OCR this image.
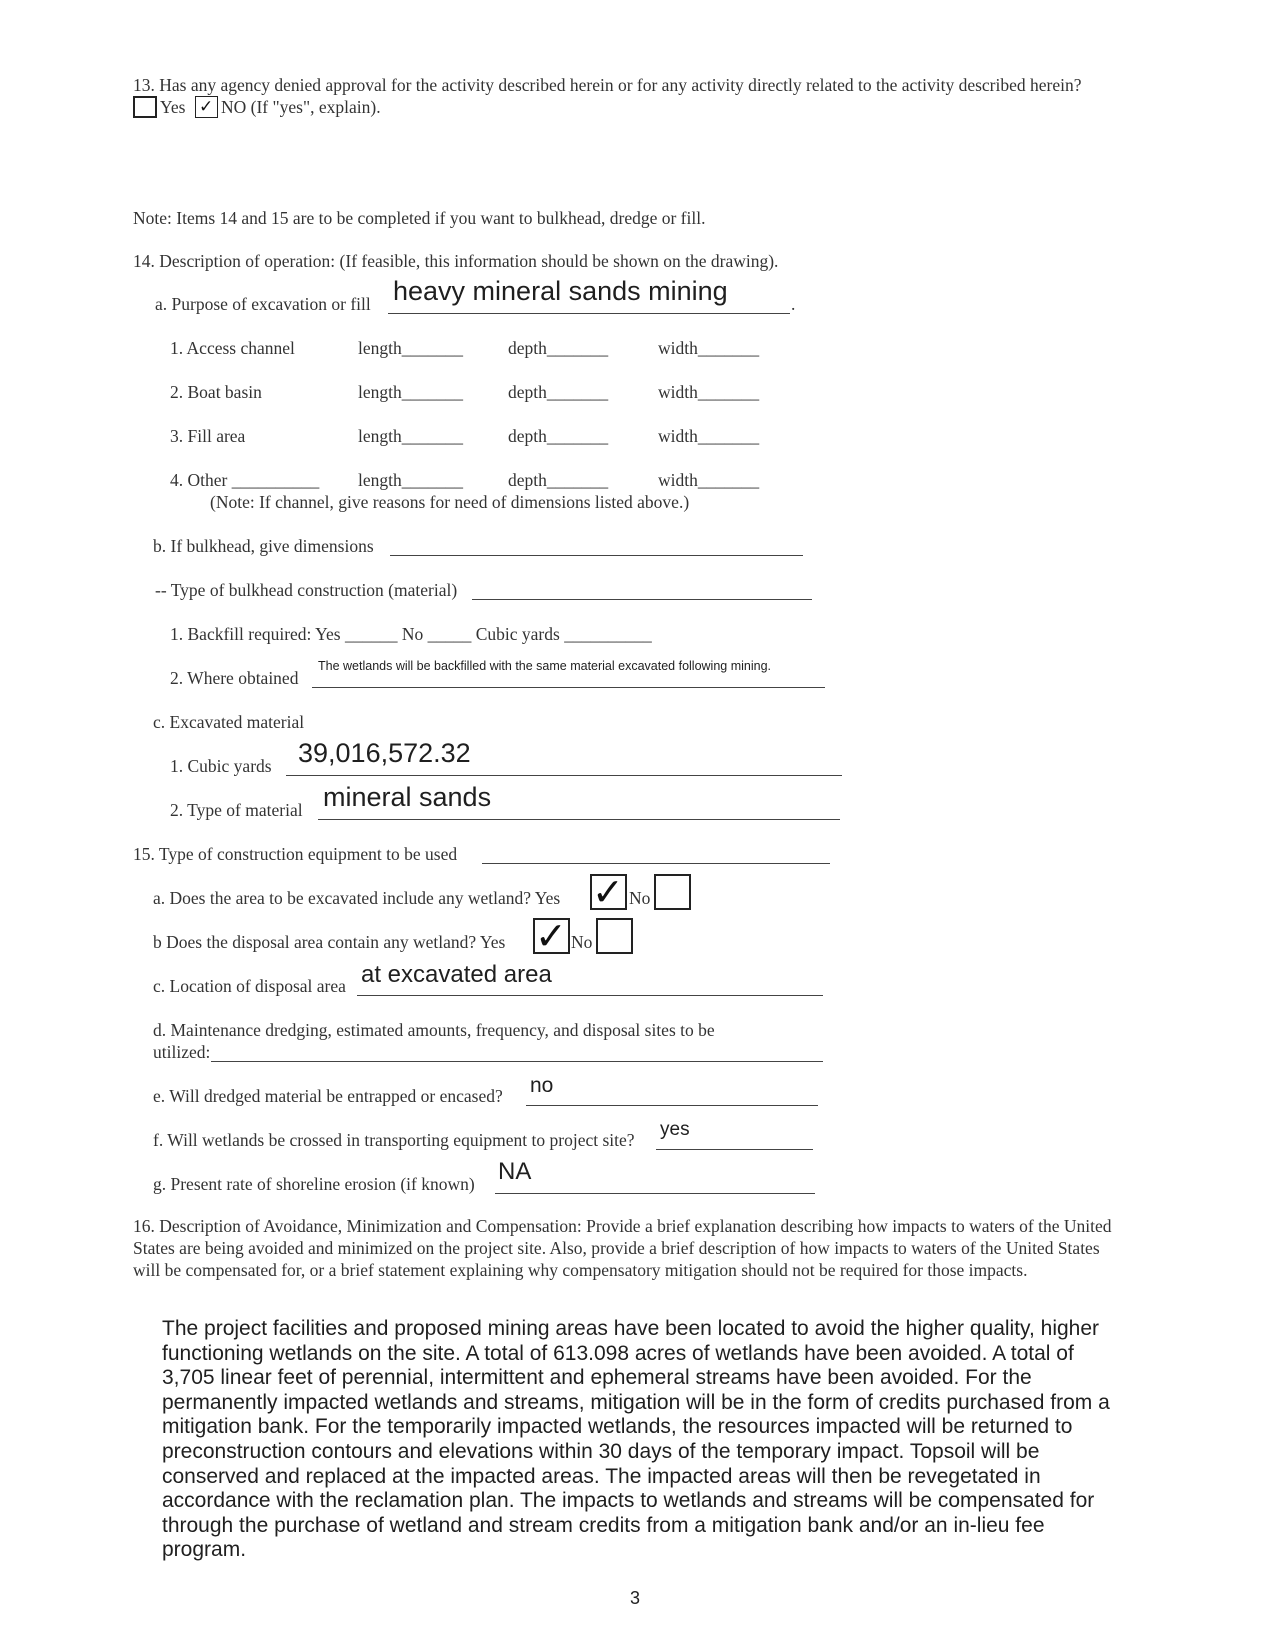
13. Has any agency denied approval for the activity described herein or for any activity directly related to the activity described herein?
Yes ✓ NO (If "yes", explain).
Note: Items 14 and 15 are to be completed if you want to bulkhead, dredge or fill.
14. Description of operation: (If feasible, this information should be shown on the drawing).
a. Purpose of excavation or fill	.
heavy mineral sands mining
1. Access channel	length_______	depth_______	width_______
2. Boat basin	length_______	depth_______	width_______
3. Fill area	length_______	depth_______	width_______
4. Other __________ length_______	depth_______	width_______
(Note: If channel, give reasons for need of dimensions listed above.)
b. If bulkhead, give dimensions
-- Type of bulkhead construction (material)
1. Backfill required: Yes ______ No _____ Cubic yards __________
2. Where obtained
The wetlands will be backfilled with the same material excavated following mining.
c. Excavated material
1. Cubic yards 39,016,572.32
2. Type of material mineral sands
15. Type of construction equipment to be used
a. Does the area to be excavated include any wetland? Yes ✓ No
b Does the disposal area contain any wetland? Yes ✓ No
c. Location of disposal area at excavated area
d. Maintenance dredging, estimated amounts, frequency, and disposal sites to be
utilized:
e. Will dredged material be entrapped or encased? no
f. Will wetlands be crossed in transporting equipment to project site? yes
g. Present rate of shoreline erosion (if known) NA
16. Description of Avoidance, Minimization and Compensation: Provide a brief explanation describing how impacts to waters of the United States are being avoided and minimized on the project site. Also, provide a brief description of how impacts to waters of the United States will be compensated for, or a brief statement explaining why compensatory mitigation should not be required for those impacts.
The project facilities and proposed mining areas have been located to avoid the higher quality, higher functioning wetlands on the site. A total of 613.098 acres of wetlands have been avoided. A total of 3,705 linear feet of perennial, intermittent and ephemeral streams have been avoided. For the permanently impacted wetlands and streams, mitigation will be in the form of credits purchased from a mitigation bank. For the temporarily impacted wetlands, the resources impacted will be returned to preconstruction contours and elevations within 30 days of the temporary impact. Topsoil will be conserved and replaced at the impacted areas. The impacted areas will then be revegetated in accordance with the reclamation plan. The impacts to wetlands and streams will be compensated for through the purchase of wetland and stream credits from a mitigation bank and/or an in-lieu fee program.
3
